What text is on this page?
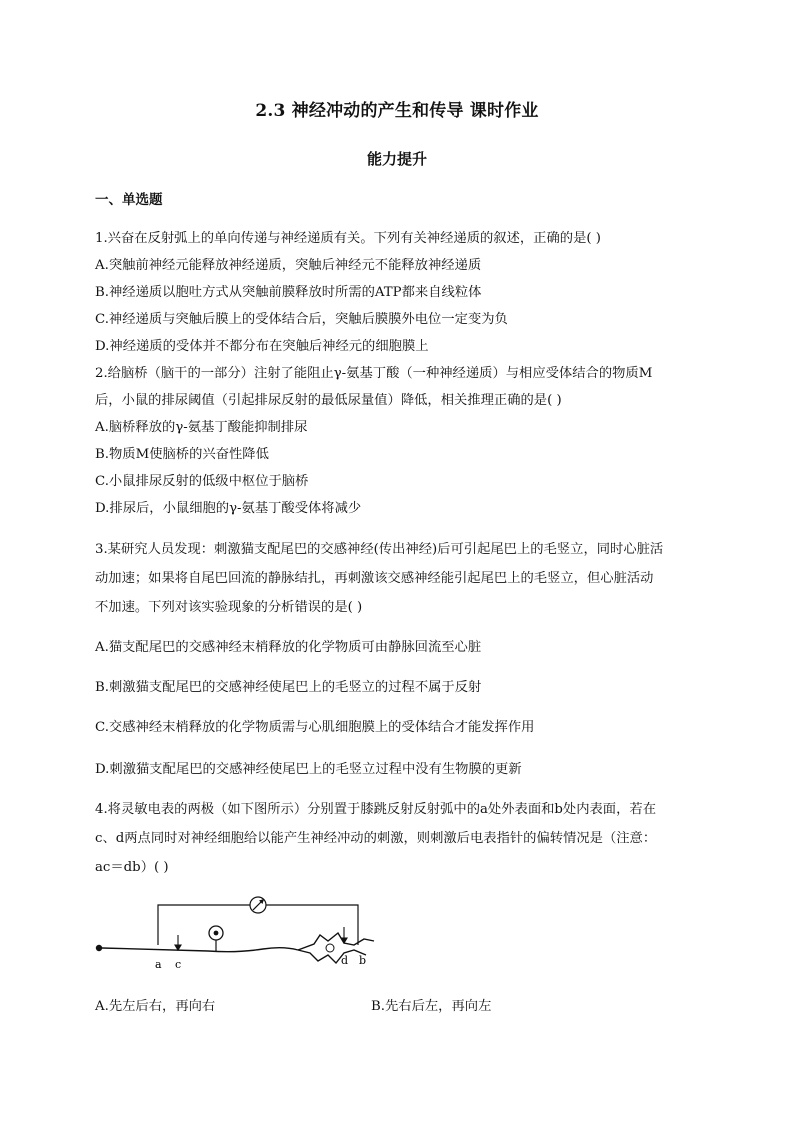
2.3 神经冲动的产生和传导 课时作业
能力提升
一、单选题
1.兴奋在反射弧上的单向传递与神经递质有关。下列有关神经递质的叙述，正确的是( )
A.突触前神经元能释放神经递质，突触后神经元不能释放神经递质
B.神经递质以胞吐方式从突触前膜释放时所需的ATP都来自线粒体
C.神经递质与突触后膜上的受体结合后，突触后膜膜外电位一定变为负
D.神经递质的受体并不都分布在突触后神经元的细胞膜上
2.给脑桥（脑干的一部分）注射了能阻止γ-氨基丁酸（一种神经递质）与相应受体结合的物质M
后，小鼠的排尿阈值（引起排尿反射的最低尿量值）降低，相关推理正确的是( )
A.脑桥释放的γ-氨基丁酸能抑制排尿
B.物质M使脑桥的兴奋性降低
C.小鼠排尿反射的低级中枢位于脑桥
D.排尿后，小鼠细胞的γ-氨基丁酸受体将减少
3.某研究人员发现：刺激猫支配尾巴的交感神经(传出神经)后可引起尾巴上的毛竖立，同时心脏活
动加速；如果将自尾巴回流的静脉结扎，再刺激该交感神经能引起尾巴上的毛竖立，但心脏活动
不加速。下列对该实验现象的分析错误的是( )
A.猫支配尾巴的交感神经末梢释放的化学物质可由静脉回流至心脏
B.刺激猫支配尾巴的交感神经使尾巴上的毛竖立的过程不属于反射
C.交感神经末梢释放的化学物质需与心肌细胞膜上的受体结合才能发挥作用
D.刺激猫支配尾巴的交感神经使尾巴上的毛竖立过程中没有生物膜的更新
4.将灵敏电表的两极（如下图所示）分别置于膝跳反射反射弧中的a处外表面和b处内表面，若在
c、d两点同时对神经细胞给以能产生神经冲动的刺激，则刺激后电表指针的偏转情况是（注意：
ac＝db）( )
a c	d b
A.先左后右，再向右	B.先右后左，再向左
